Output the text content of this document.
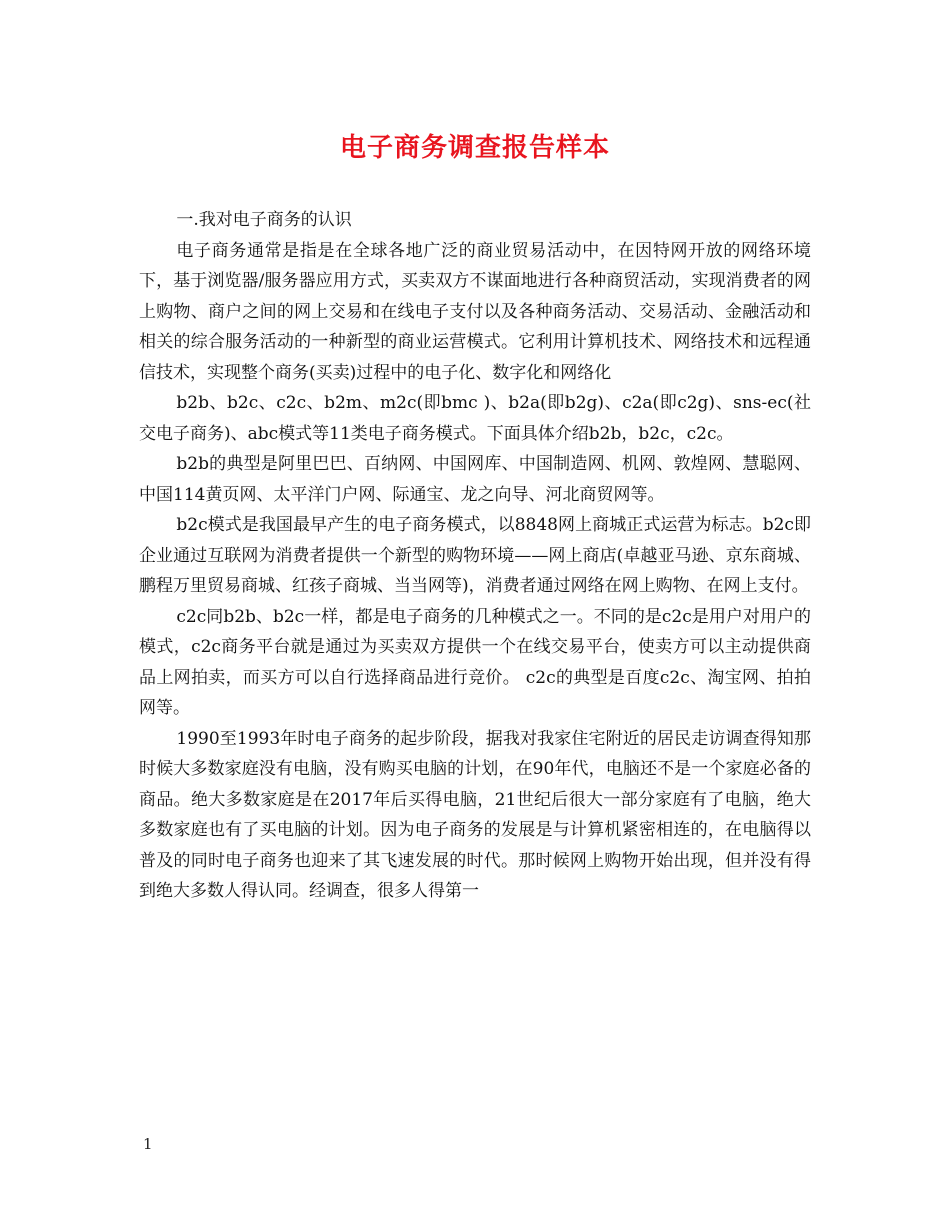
电子商务调查报告样本

一.我对电子商务的认识

电子商务通常是指是在全球各地广泛的商业贸易活动中，在因特网开放的网络环境下，基于浏览器/服务器应用方式，买卖双方不谋面地进行各种商贸活动，实现消费者的网上购物、商户之间的网上交易和在线电子支付以及各种商务活动、交易活动、金融活动和相关的综合服务活动的一种新型的商业运营模式。它利用计算机技术、网络技术和远程通信技术，实现整个商务(买卖)过程中的电子化、数字化和网络化

b2b、b2c、c2c、b2m、m2c(即bmc )、b2a(即b2g)、c2a(即c2g)、sns-ec(社交电子商务)、abc模式等11类电子商务模式。下面具体介绍b2b，b2c，c2c。

b2b的典型是阿里巴巴、百纳网、中国网库、中国制造网、机网、敦煌网、慧聪网、中国114黄页网、太平洋门户网、际通宝、龙之向导、河北商贸网等。

b2c模式是我国最早产生的电子商务模式，以8848网上商城正式运营为标志。b2c即企业通过互联网为消费者提供一个新型的购物环境——网上商店(卓越亚马逊、京东商城、鹏程万里贸易商城、红孩子商城、当当网等)，消费者通过网络在网上购物、在网上支付。

c2c同b2b、b2c一样，都是电子商务的几种模式之一。不同的是c2c是用户对用户的模式，c2c商务平台就是通过为买卖双方提供一个在线交易平台，使卖方可以主动提供商品上网拍卖，而买方可以自行选择商品进行竞价。 c2c的典型是百度c2c、淘宝网、拍拍网等。

1990至1993年时电子商务的起步阶段，据我对我家住宅附近的居民走访调查得知那时候大多数家庭没有电脑，没有购买电脑的计划，在90年代，电脑还不是一个家庭必备的商品。绝大多数家庭是在2017年后买得电脑，21世纪后很大一部分家庭有了电脑，绝大多数家庭也有了买电脑的计划。因为电子商务的发展是与计算机紧密相连的，在电脑得以普及的同时电子商务也迎来了其飞速发展的时代。那时候网上购物开始出现，但并没有得到绝大多数人得认同。经调查，很多人得第一

1
